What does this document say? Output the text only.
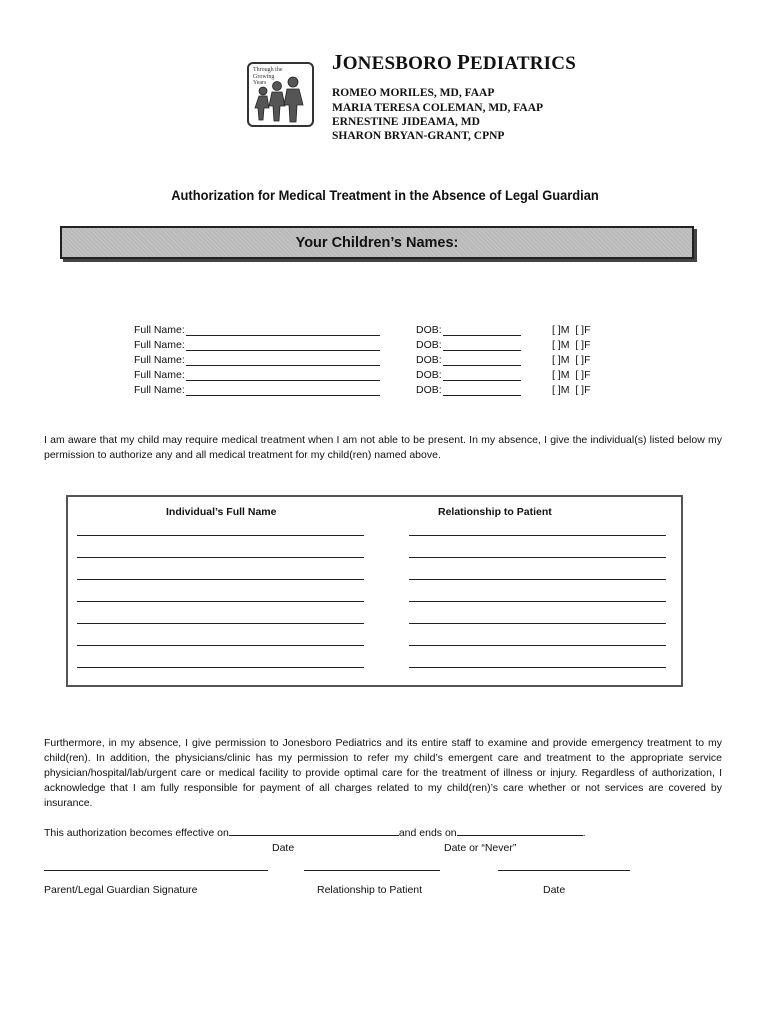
Through the
Growing
Years
JONESBORO PEDIATRICS
ROMEO MORILES, MD, FAAP
MARIA TERESA COLEMAN, MD, FAAP
ERNESTINE JIDEAMA, MD
SHARON BRYAN-GRANT, CPNP
Authorization for Medical Treatment in the Absence of Legal Guardian
Your Children’s Names:
Full Name:	DOB:	[ ]M  [ ]F
Full Name:	DOB:	[ ]M  [ ]F
Full Name:	DOB:	[ ]M  [ ]F
Full Name:	DOB:	[ ]M  [ ]F
Full Name:	DOB:	[ ]M  [ ]F
I am aware that my child may require medical treatment when I am not able to be present. In my absence, I give the individual(s) listed below my permission to authorize any and all medical treatment for my child(ren) named above.
Individual’s Full Name	Relationship to Patient
Furthermore, in my absence, I give permission to Jonesboro Pediatrics and its entire staff to examine and provide emergency treatment to my child(ren). In addition, the physicians/clinic has my permission to refer my child’s emergent care and treatment to the appropriate service physician/hospital/lab/urgent care or medical facility to provide optimal care for the treatment of illness or injury. Regardless of authorization, I acknowledge that I am fully responsible for payment of all charges related to my child(ren)’s care whether or not services are covered by insurance.
This authorization becomes effective on	and ends on	.
Date	Date or “Never”
Parent/Legal Guardian Signature	Relationship to Patient	Date
